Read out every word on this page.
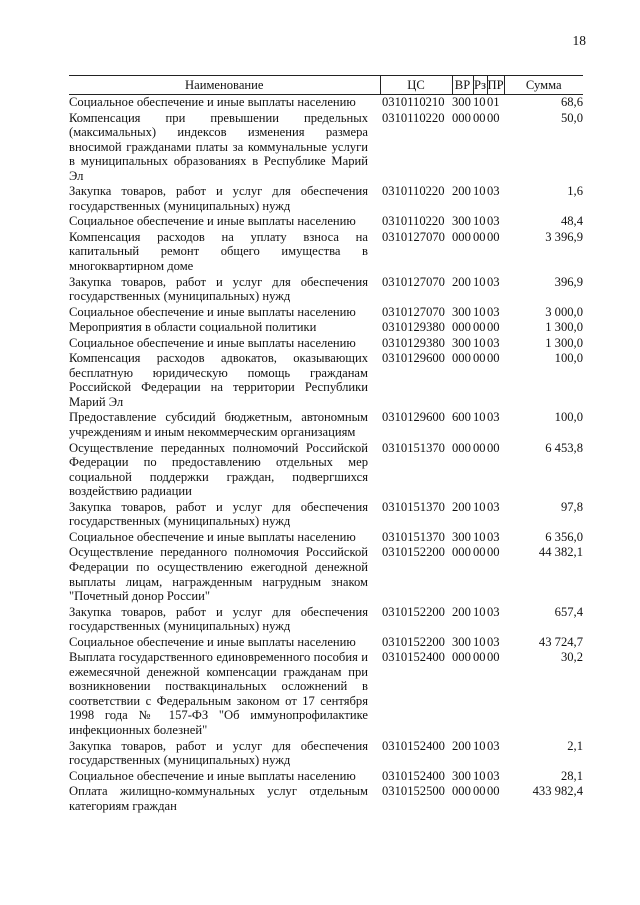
18
Наименование	ЦС	ВР	Рз	ПР	Сумма
Социальное обеспечение и иные выплаты населению	0310110210	300	10	01	68,6
Компенсация при превышении предельных (максимальных) индексов изменения размера вносимой гражданами платы за коммунальные услуги в муниципальных образованиях в Республике Марий Эл	0310110220	000	00	00	50,0
Закупка товаров, работ и услуг для обеспечения государственных (муниципальных) нужд	0310110220	200	10	03	1,6
Социальное обеспечение и иные выплаты населению	0310110220	300	10	03	48,4
Компенсация расходов на уплату взноса на капитальный ремонт общего имущества в многоквартирном доме	0310127070	000	00	00	3 396,9
Закупка товаров, работ и услуг для обеспечения государственных (муниципальных) нужд	0310127070	200	10	03	396,9
Социальное обеспечение и иные выплаты населению	0310127070	300	10	03	3 000,0
Мероприятия в области социальной политики	0310129380	000	00	00	1 300,0
Социальное обеспечение и иные выплаты населению	0310129380	300	10	03	1 300,0
Компенсация расходов адвокатов, оказывающих бесплатную юридическую помощь гражданам Российской Федерации на территории Республики Марий Эл	0310129600	000	00	00	100,0
Предоставление субсидий бюджетным, автономным учреждениям и иным некоммерческим организациям	0310129600	600	10	03	100,0
Осуществление переданных полномочий Российской Федерации по предоставлению отдельных мер социальной поддержки граждан, подвергшихся воздействию радиации	0310151370	000	00	00	6 453,8
Закупка товаров, работ и услуг для обеспечения государственных (муниципальных) нужд	0310151370	200	10	03	97,8
Социальное обеспечение и иные выплаты населению	0310151370	300	10	03	6 356,0
Осуществление переданного полномочия Российской Федерации по осуществлению ежегодной денежной выплаты лицам, награжденным нагрудным знаком "Почетный донор России"	0310152200	000	00	00	44 382,1
Закупка товаров, работ и услуг для обеспечения государственных (муниципальных) нужд	0310152200	200	10	03	657,4
Социальное обеспечение и иные выплаты населению	0310152200	300	10	03	43 724,7
Выплата государственного единовременного пособия и ежемесячной денежной компенсации гражданам при возникновении поствакцинальных осложнений в соответствии с Федеральным законом от 17 сентября 1998 года № 157-ФЗ "Об иммунопрофилактике инфекционных болезней"	0310152400	000	00	00	30,2
Закупка товаров, работ и услуг для обеспечения государственных (муниципальных) нужд	0310152400	200	10	03	2,1
Социальное обеспечение и иные выплаты населению	0310152400	300	10	03	28,1
Оплата жилищно-коммунальных услуг отдельным категориям граждан	0310152500	000	00	00	433 982,4
